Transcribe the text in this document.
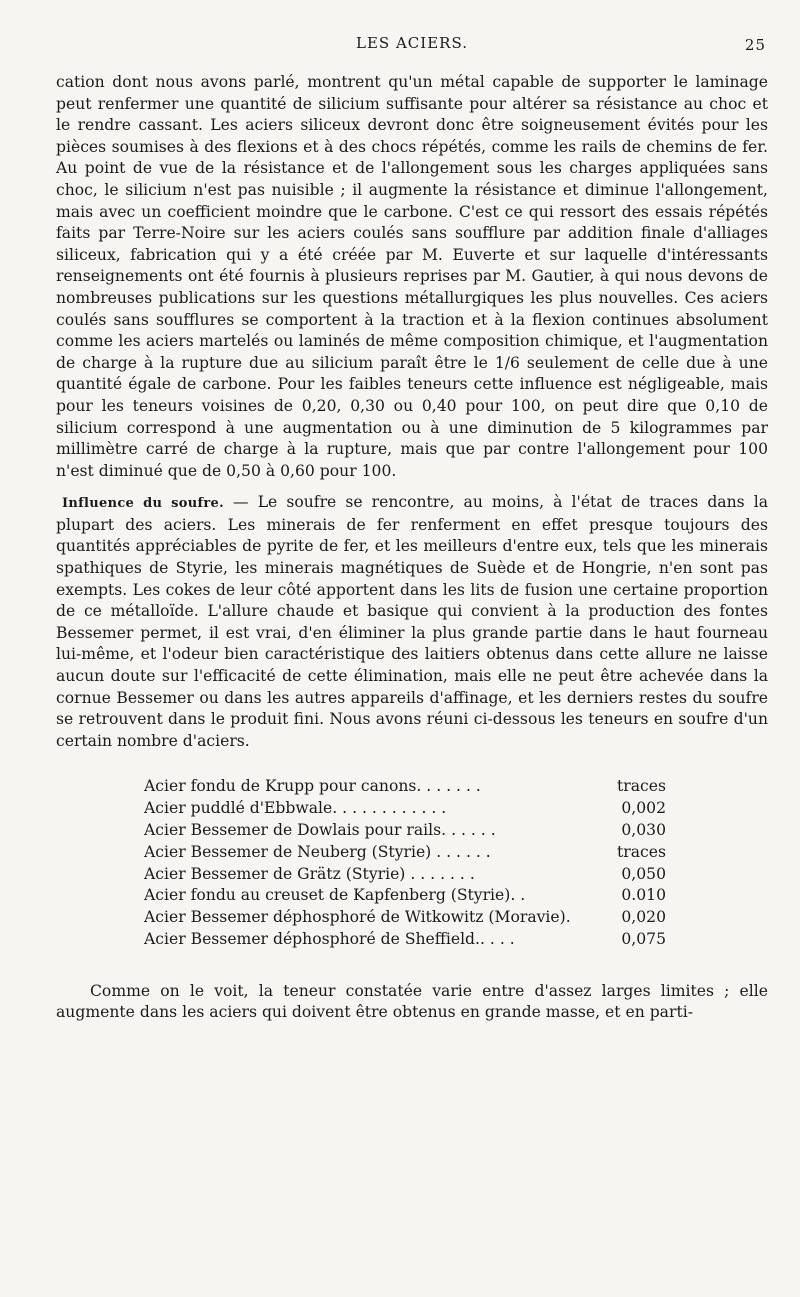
LES ACIERS.	25

cation dont nous avons parlé, montrent qu'un métal capable de supporter le laminage peut renfermer une quantité de silicium suffisante pour altérer sa résistance au choc et le rendre cassant. Les aciers siliceux devront donc être soigneusement évités pour les pièces soumises à des flexions et à des chocs répétés, comme les rails de chemins de fer. Au point de vue de la résistance et de l'allongement sous les charges appliquées sans choc, le silicium n'est pas nuisible ; il augmente la résistance et diminue l'allongement, mais avec un coefficient moindre que le carbone. C'est ce qui ressort des essais répétés faits par Terre-Noire sur les aciers coulés sans soufflure par addition finale d'alliages siliceux, fabrication qui y a été créée par M. Euverte et sur laquelle d'intéressants renseignements ont été fournis à plusieurs reprises par M. Gautier, à qui nous devons de nombreuses publications sur les questions métallurgiques les plus nouvelles. Ces aciers coulés sans soufflures se comportent à la traction et à la flexion continues absolument comme les aciers martelés ou laminés de même composition chimique, et l'augmentation de charge à la rupture due au silicium paraît être le 1/6 seulement de celle due à une quantité égale de carbone. Pour les faibles teneurs cette influence est négligeable, mais pour les teneurs voisines de 0,20, 0,30 ou 0,40 pour 100, on peut dire que 0,10 de silicium correspond à une augmentation ou à une diminution de 5 kilogrammes par millimètre carré de charge à la rupture, mais que par contre l'allongement pour 100 n'est diminué que de 0,50 à 0,60 pour 100.

Influence du soufre. — Le soufre se rencontre, au moins, à l'état de traces dans la plupart des aciers. Les minerais de fer renferment en effet presque toujours des quantités appréciables de pyrite de fer, et les meilleurs d'entre eux, tels que les minerais spathiques de Styrie, les minerais magnétiques de Suède et de Hongrie, n'en sont pas exempts. Les cokes de leur côté apportent dans les lits de fusion une certaine proportion de ce métalloïde. L'allure chaude et basique qui convient à la production des fontes Bessemer permet, il est vrai, d'en éliminer la plus grande partie dans le haut fourneau lui-même, et l'odeur bien caractéristique des laitiers obtenus dans cette allure ne laisse aucun doute sur l'efficacité de cette élimination, mais elle ne peut être achevée dans la cornue Bessemer ou dans les autres appareils d'affinage, et les derniers restes du soufre se retrouvent dans le produit fini. Nous avons réuni ci-dessous les teneurs en soufre d'un certain nombre d'aciers.

Acier fondu de Krupp pour canons. . . . . . .	traces
Acier puddlé d'Ebbwale. . . . . . . . . . . .	0,002
Acier Bessemer de Dowlais pour rails. . . . . .	0,030
Acier Bessemer de Neuberg (Styrie) . . . . . .	traces
Acier Bessemer de Grätz (Styrie) . . . . . . .	0,050
Acier fondu au creuset de Kapfenberg (Styrie). .	0.010
Acier Bessemer déphosphoré de Witkowitz (Moravie).	0,020
Acier Bessemer déphosphoré de Sheffield.. . . .	0,075

Comme on le voit, la teneur constatée varie entre d'assez larges limites ; elle augmente dans les aciers qui doivent être obtenus en grande masse, et en parti-
